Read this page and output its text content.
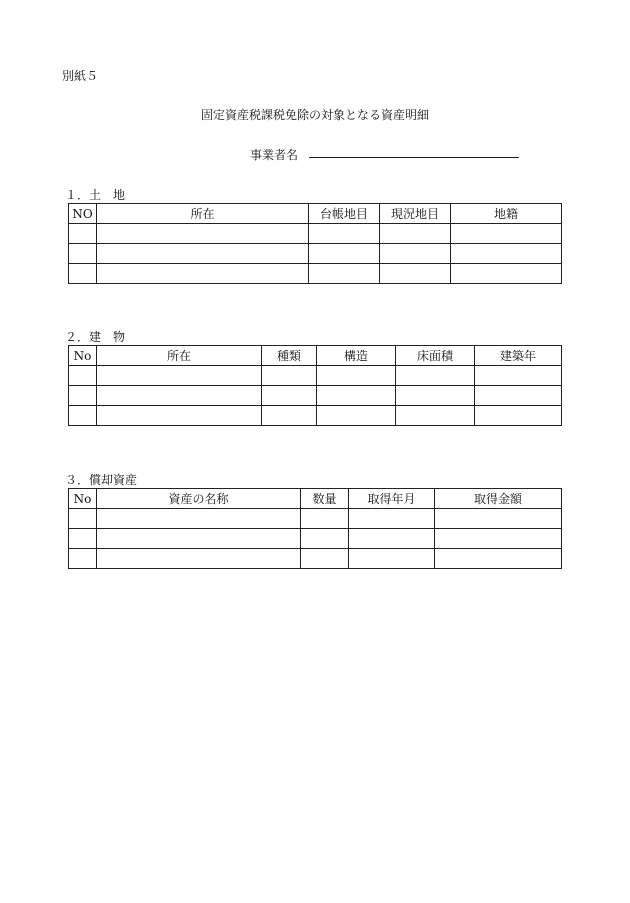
別紙５
固定資産税課税免除の対象となる資産明細
事業者名
１．土　地
NO	所在	台帳地目	現況地目	地籍

２．建　物
No	所在	種類	構造	床面積	建築年

３．償却資産
No	資産の名称	数量	取得年月	取得金額
